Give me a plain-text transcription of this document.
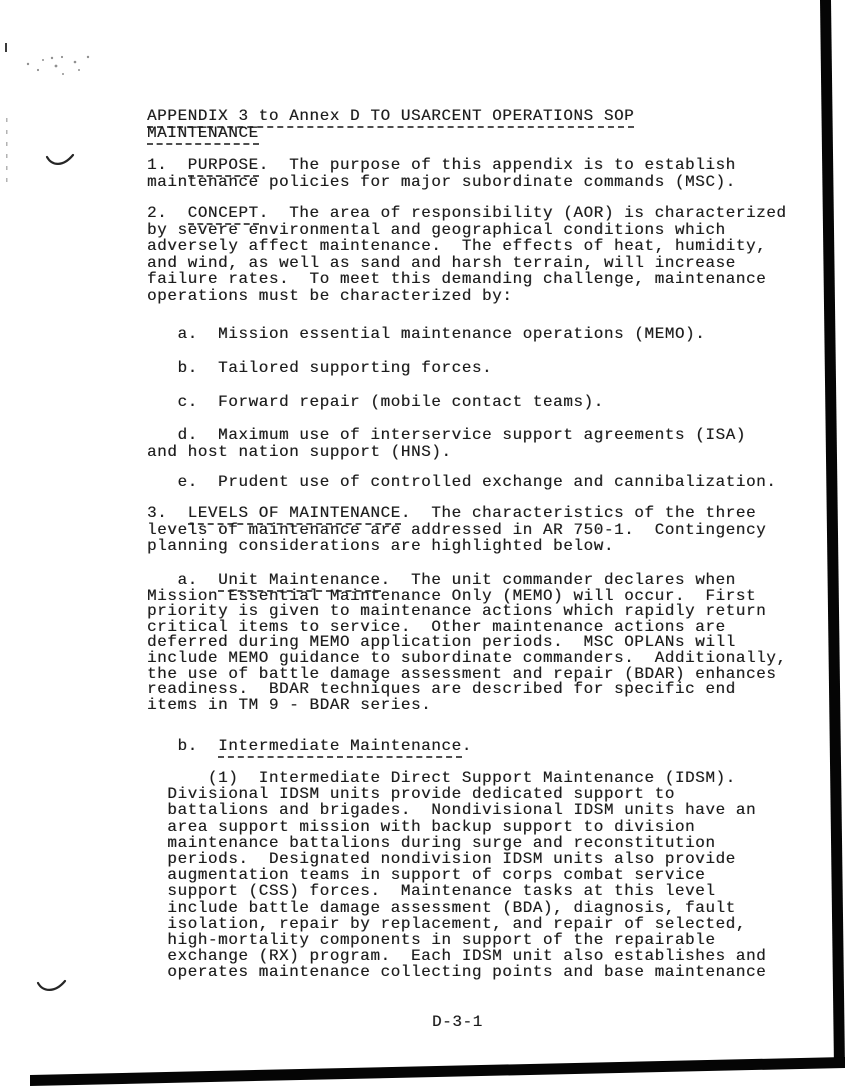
APPENDIX 3 to Annex D TO USARCENT OPERATIONS SOP
MAINTENANCE
1.  PURPOSE.  The purpose of this appendix is to establish
maintenance policies for major subordinate commands (MSC).
2.  CONCEPT.  The area of responsibility (AOR) is characterized
by severe environmental and geographical conditions which
adversely affect maintenance.  The effects of heat, humidity,
and wind, as well as sand and harsh terrain, will increase
failure rates.  To meet this demanding challenge, maintenance
operations must be characterized by:
a.  Mission essential maintenance operations (MEMO).
b.  Tailored supporting forces.
c.  Forward repair (mobile contact teams).
d.  Maximum use of interservice support agreements (ISA)
and host nation support (HNS).
e.  Prudent use of controlled exchange and cannibalization.
3.  LEVELS OF MAINTENANCE.  The characteristics of the three
levels of maintenance are addressed in AR 750-1.  Contingency
planning considerations are highlighted below.
a.  Unit Maintenance.  The unit commander declares when
Mission Essential Maintenance Only (MEMO) will occur.  First
priority is given to maintenance actions which rapidly return
critical items to service.  Other maintenance actions are
deferred during MEMO application periods.  MSC OPLANs will
include MEMO guidance to subordinate commanders.  Additionally,
the use of battle damage assessment and repair (BDAR) enhances
readiness.  BDAR techniques are described for specific end
items in TM 9 - BDAR series.
b.  Intermediate Maintenance.
(1)  Intermediate Direct Support Maintenance (IDSM).
Divisional IDSM units provide dedicated support to
battalions and brigades.  Nondivisional IDSM units have an
area support mission with backup support to division
maintenance battalions during surge and reconstitution
periods.  Designated nondivision IDSM units also provide
augmentation teams in support of corps combat service
support (CSS) forces.  Maintenance tasks at this level
include battle damage assessment (BDA), diagnosis, fault
isolation, repair by replacement, and repair of selected,
high-mortality components in support of the repairable
exchange (RX) program.  Each IDSM unit also establishes and
operates maintenance collecting points and base maintenance
D-3-1
